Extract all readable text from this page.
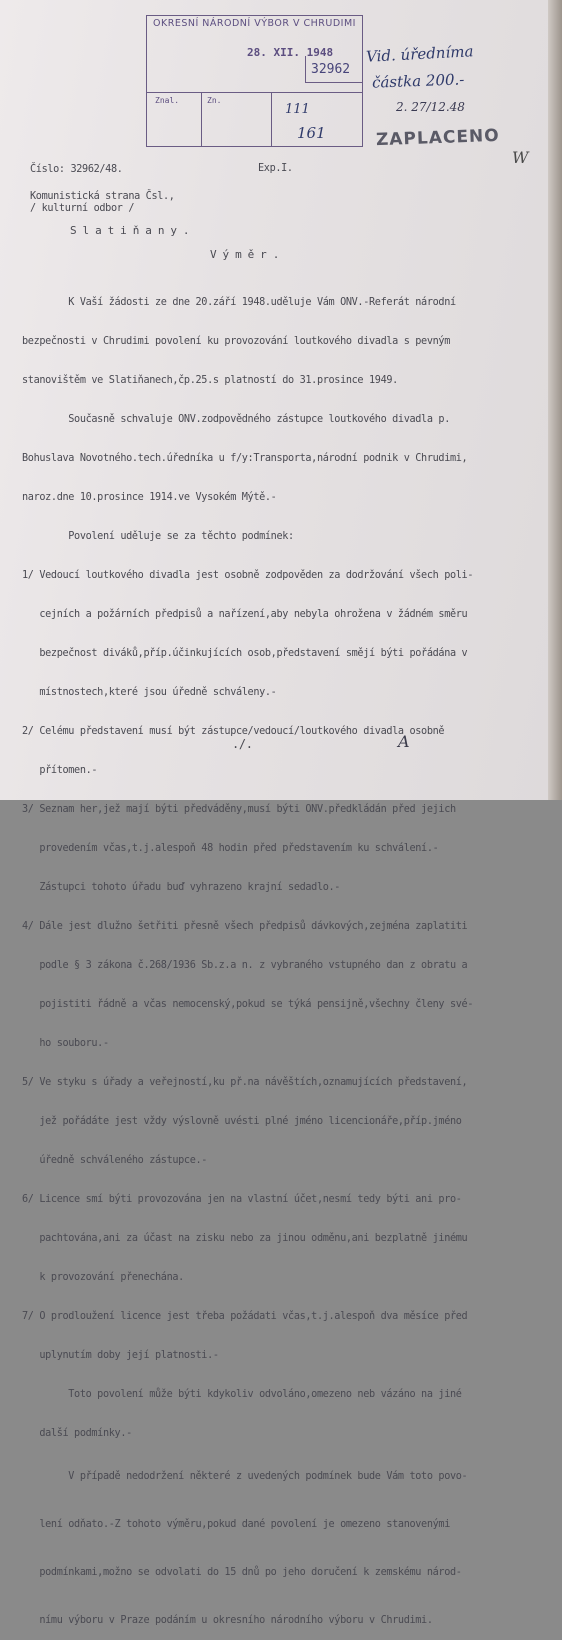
OKRESNÍ NÁRODNÍ VÝBOR V CHRUDIMI
28. XII. 1948
32962
Znal.	Zn.
111
161
Vid. úředníma
částka 200.-
2. 27/12.48
ZAPLACENO
W
Číslo: 32962/48.	Exp.I.
Komunistická strana Čsl.,
/ kulturní odbor /
S l a t i ň a n y .
V ý m ě r .

K Vaší žádosti ze dne 20.září 1948.uděluje Vám ONV.-Referát národní

bezpečnosti v Chrudimi povolení ku provozování loutkového divadla s pevným

stanovištěm ve Slatiňanech,čp.25.s platností do 31.prosince 1949.

Současně schvaluje ONV.zodpovědného zástupce loutkového divadla p.

Bohuslava Novotného.tech.úředníka u f/y:Transporta,národní podnik v Chrudimi,

naroz.dne 10.prosince 1914.ve Vysokém Mýtě.-

Povolení uděluje se za těchto podmínek:

1/ Vedoucí loutkového divadla jest osobně zodpověden za dodržování všech poli-

cejních a požárních předpisů a nařízení,aby nebyla ohrožena v žádném směru

bezpečnost diváků,příp.účinkujících osob,představení smějí býti pořádána v

místnostech,které jsou úředně schváleny.-

2/ Celému představení musí být zástupce/vedoucí/loutkového divadla osobně

přítomen.-

3/ Seznam her,jež mají býti předváděny,musí býti ONV.předkládán před jejich

provedením včas,t.j.alespoň 48 hodin před představením ku schválení.-

Zástupci tohoto úřadu buď vyhrazeno krajní sedadlo.-

4/ Dále jest dlužno šetřiti přesně všech předpisů dávkových,zejména zaplatiti

podle § 3 zákona č.268/1936 Sb.z.a n. z vybraného vstupného dan z obratu a

pojistiti řádně a včas nemocenský,pokud se týká pensijně,všechny členy své-

ho souboru.-

5/ Ve styku s úřady a veřejností,ku př.na návěštích,oznamujících představení,

jež pořádáte jest vždy výslovně uvésti plné jméno licencionáře,příp.jméno

úředně schváleného zástupce.-

6/ Licence smí býti provozována jen na vlastní účet,nesmí tedy býti ani pro-

pachtována,ani za účast na zisku nebo za jinou odměnu,ani bezplatně jinému

k provozování přenechána.

7/ O prodloužení licence jest třeba požádati včas,t.j.alespoň dva měsíce před

uplynutím doby její platnosti.-

Toto povolení může býti kdykoliv odvoláno,omezeno neb vázáno na jiné

další podmínky.-

V případě nedodržení některé z uvedených podmínek bude Vám toto povo-

lení odňato.-Z tohoto výměru,pokud dané povolení je omezeno stanovenými

podmínkami,možno se odvolati do 15 dnů po jeho doručení k zemskému národ-

nímu výboru v Praze podáním u okresního národního výboru v Chrudimi.

./.	A
